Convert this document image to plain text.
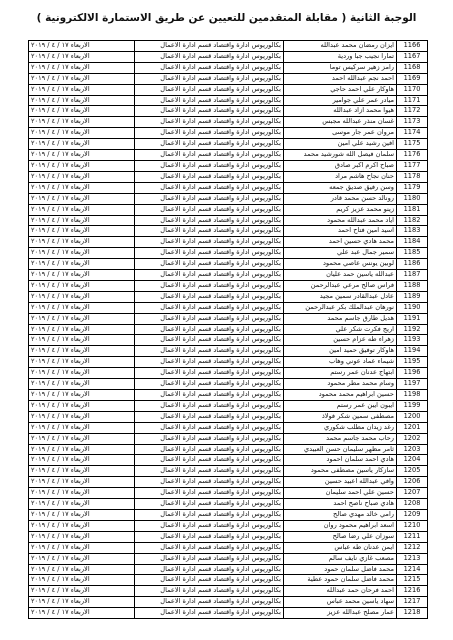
الوجبة الثانية ( مقابلة المتقدمين للتعيين عن طريق الاستمارة الالكترونية )
1166	ايزان رمضان محمد عبدالله	بكالوريوس ادارة واقتصاد قسم ادارة الاعمال	الاربعاء ١٧ / ٤ / ٢٠١٩
1167	تمارا نجيب جبا وردية	بكالوريوس ادارة واقتصاد قسم ادارة الاعمال	الاربعاء ١٧ / ٤ / ٢٠١٩
1168	رامز زهير سركيس توما	بكالوريوس ادارة واقتصاد قسم ادارة الاعمال	الاربعاء ١٧ / ٤ / ٢٠١٩
1169	احمد نجم عبدالله احمد	بكالوريوس ادارة واقتصاد قسم ادارة الاعمال	الاربعاء ١٧ / ٤ / ٢٠١٩
1170	هاوكار علي احمد حاجي	بكالوريوس ادارة واقتصاد قسم ادارة الاعمال	الاربعاء ١٧ / ٤ / ٢٠١٩
1171	ميادر عمر علي جوامير	بكالوريوس ادارة واقتصاد قسم ادارة الاعمال	الاربعاء ١٧ / ٤ / ٢٠١٩
1172	هيوا محمد ازاد عبدالله	بكالوريوس ادارة واقتصاد قسم ادارة الاعمال	الاربعاء ١٧ / ٤ / ٢٠١٩
1173	غسان منذر عبدالله مجبس	بكالوريوس ادارة واقتصاد قسم ادارة الاعمال	الاربعاء ١٧ / ٤ / ٢٠١٩
1174	مروان عمر جار موسى	بكالوريوس ادارة واقتصاد قسم ادارة الاعمال	الاربعاء ١٧ / ٤ / ٢٠١٩
1175	افين رشيد علي امين	بكالوريوس ادارة واقتصاد قسم ادارة الاعمال	الاربعاء ١٧ / ٤ / ٢٠١٩
1176	سلمان فيصل الله شورشيد محمد	بكالوريوس ادارة واقتصاد قسم ادارة الاعمال	الاربعاء ١٧ / ٤ / ٢٠١٩
1177	صباح اكرم اكبر صادق	بكالوريوس ادارة واقتصاد قسم ادارة الاعمال	الاربعاء ١٧ / ٤ / ٢٠١٩
1178	حنان نجاح هاشم مراد	بكالوريوس ادارة واقتصاد قسم ادارة الاعمال	الاربعاء ١٧ / ٤ / ٢٠١٩
1179	وسن رفيق صديق جمعه	بكالوريوس ادارة واقتصاد قسم ادارة الاعمال	الاربعاء ١٧ / ٤ / ٢٠١٩
1180	رونالد حسن محمد قادر	بكالوريوس ادارة واقتصاد قسم ادارة الاعمال	الاربعاء ١٧ / ٤ / ٢٠١٩
1181	زينو محمد عزيز كريم	بكالوريوس ادارة واقتصاد قسم ادارة الاعمال	الاربعاء ١٧ / ٤ / ٢٠١٩
1182	اياد محمد عبدالله محمود	بكالوريوس ادارة واقتصاد قسم ادارة الاعمال	الاربعاء ١٧ / ٤ / ٢٠١٩
1183	اسيد امين فتاح احمد	بكالوريوس ادارة واقتصاد قسم ادارة الاعمال	الاربعاء ١٧ / ٤ / ٢٠١٩
1184	محمد هادي حسين احمد	بكالوريوس ادارة واقتصاد قسم ادارة الاعمال	الاربعاء ١٧ / ٤ / ٢٠١٩
1185	سمير جمال عبد علي	بكالوريوس ادارة واقتصاد قسم ادارة الاعمال	الاربعاء ١٧ / ٤ / ٢٠١٩
1186	لوبين يونس عاصي محمود	بكالوريوس ادارة واقتصاد قسم ادارة الاعمال	الاربعاء ١٧ / ٤ / ٢٠١٩
1187	عبدالله ياسين حمد عليان	بكالوريوس ادارة واقتصاد قسم ادارة الاعمال	الاربعاء ١٧ / ٤ / ٢٠١٩
1188	فراس صالح مرعي عبدالرحمن	بكالوريوس ادارة واقتصاد قسم ادارة الاعمال	الاربعاء ١٧ / ٤ / ٢٠١٩
1189	عادل عبدالقادر سمين مجيد	بكالوريوس ادارة واقتصاد قسم ادارة الاعمال	الاربعاء ١٧ / ٤ / ٢٠١٩
1190	نورهان عبدالملك بكر عبدالرحمن	بكالوريوس ادارة واقتصاد قسم ادارة الاعمال	الاربعاء ١٧ / ٤ / ٢٠١٩
1191	هديل طارق جاسم محمد	بكالوريوس ادارة واقتصاد قسم ادارة الاعمال	الاربعاء ١٧ / ٤ / ٢٠١٩
1192	اريج فكرت شكر علي	بكالوريوس ادارة واقتصاد قسم ادارة الاعمال	الاربعاء ١٧ / ٤ / ٢٠١٩
1193	زهراء طه عزام حسين	بكالوريوس ادارة واقتصاد قسم ادارة الاعمال	الاربعاء ١٧ / ٤ / ٢٠١٩
1194	هاوكار توفيق حميد امين	بكالوريوس ادارة واقتصاد قسم ادارة الاعمال	الاربعاء ١٧ / ٤ / ٢٠١٩
1195	شيماء عماد عوني وهاب	بكالوريوس ادارة واقتصاد قسم ادارة الاعمال	الاربعاء ١٧ / ٤ / ٢٠١٩
1196	ابتهاج عدنان عمر رستم	بكالوريوس ادارة واقتصاد قسم ادارة الاعمال	الاربعاء ١٧ / ٤ / ٢٠١٩
1197	وسام محمد مطر محمود	بكالوريوس ادارة واقتصاد قسم ادارة الاعمال	الاربعاء ١٧ / ٤ / ٢٠١٩
1198	حسين ابراهيم محمد محمود	بكالوريوس ادارة واقتصاد قسم ادارة الاعمال	الاربعاء ١٧ / ٤ / ٢٠١٩
1199	ايبون ايبن عمر رستم	بكالوريوس ادارة واقتصاد قسم ادارة الاعمال	الاربعاء ١٧ / ٤ / ٢٠١٩
1200	مصطفى سمين شكر فولاذ	بكالوريوس ادارة واقتصاد قسم ادارة الاعمال	الاربعاء ١٧ / ٤ / ٢٠١٩
1201	رغد زيدان مطلب شكوري	بكالوريوس ادارة واقتصاد قسم ادارة الاعمال	الاربعاء ١٧ / ٤ / ٢٠١٩
1202	رحاب محمد جاسم محمد	بكالوريوس ادارة واقتصاد قسم ادارة الاعمال	الاربعاء ١٧ / ٤ / ٢٠١٩
1203	ثامر مظهر سليمان حسن العبيدي	بكالوريوس ادارة واقتصاد قسم ادارة الاعمال	الاربعاء ١٧ / ٤ / ٢٠١٩
1204	هادي احمد سلمان احمود	بكالوريوس ادارة واقتصاد قسم ادارة الاعمال	الاربعاء ١٧ / ٤ / ٢٠١٩
1205	سازكار ياسين مصطفى محمود	بكالوريوس ادارة واقتصاد قسم ادارة الاعمال	الاربعاء ١٧ / ٤ / ٢٠١٩
1206	وافي عبدالله اعبيد حسين	بكالوريوس ادارة واقتصاد قسم ادارة الاعمال	الاربعاء ١٧ / ٤ / ٢٠١٩
1207	حسين علي احمد سليمان	بكالوريوس ادارة واقتصاد قسم ادارة الاعمال	الاربعاء ١٧ / ٤ / ٢٠١٩
1208	هادي صباح ناصح احمد	بكالوريوس ادارة واقتصاد قسم ادارة الاعمال	الاربعاء ١٧ / ٤ / ٢٠١٩
1209	رامي خالد مهدي صالح	بكالوريوس ادارة واقتصاد قسم ادارة الاعمال	الاربعاء ١٧ / ٤ / ٢٠١٩
1210	اسعد ابراهيم محمود روان	بكالوريوس ادارة واقتصاد قسم ادارة الاعمال	الاربعاء ١٧ / ٤ / ٢٠١٩
1211	سوزان علي رضا صالح	بكالوريوس ادارة واقتصاد قسم ادارة الاعمال	الاربعاء ١٧ / ٤ / ٢٠١٩
1212	ايمن عدنان طه عباس	بكالوريوس ادارة واقتصاد قسم ادارة الاعمال	الاربعاء ١٧ / ٤ / ٢٠١٩
1213	مصعب غازي نايف سالم	بكالوريوس ادارة واقتصاد قسم ادارة الاعمال	الاربعاء ١٧ / ٤ / ٢٠١٩
1214	محمد فاضل سلمان حمود	بكالوريوس ادارة واقتصاد قسم ادارة الاعمال	الاربعاء ١٧ / ٤ / ٢٠١٩
1215	محمد فاضل سلمان حمود عطية	بكالوريوس ادارة واقتصاد قسم ادارة الاعمال	الاربعاء ١٧ / ٤ / ٢٠١٩
1216	احمد فرحان حمد عبدالله	بكالوريوس ادارة واقتصاد قسم ادارة الاعمال	الاربعاء ١٧ / ٤ / ٢٠١٩
1217	سهاد ياسين محمد عباس	بكالوريوس ادارة واقتصاد قسم ادارة الاعمال	الاربعاء ١٧ / ٤ / ٢٠١٩
1218	عمار مصلح عبدالله عزيز	بكالوريوس ادارة واقتصاد قسم ادارة الاعمال	الاربعاء ١٧ / ٤ / ٢٠١٩
